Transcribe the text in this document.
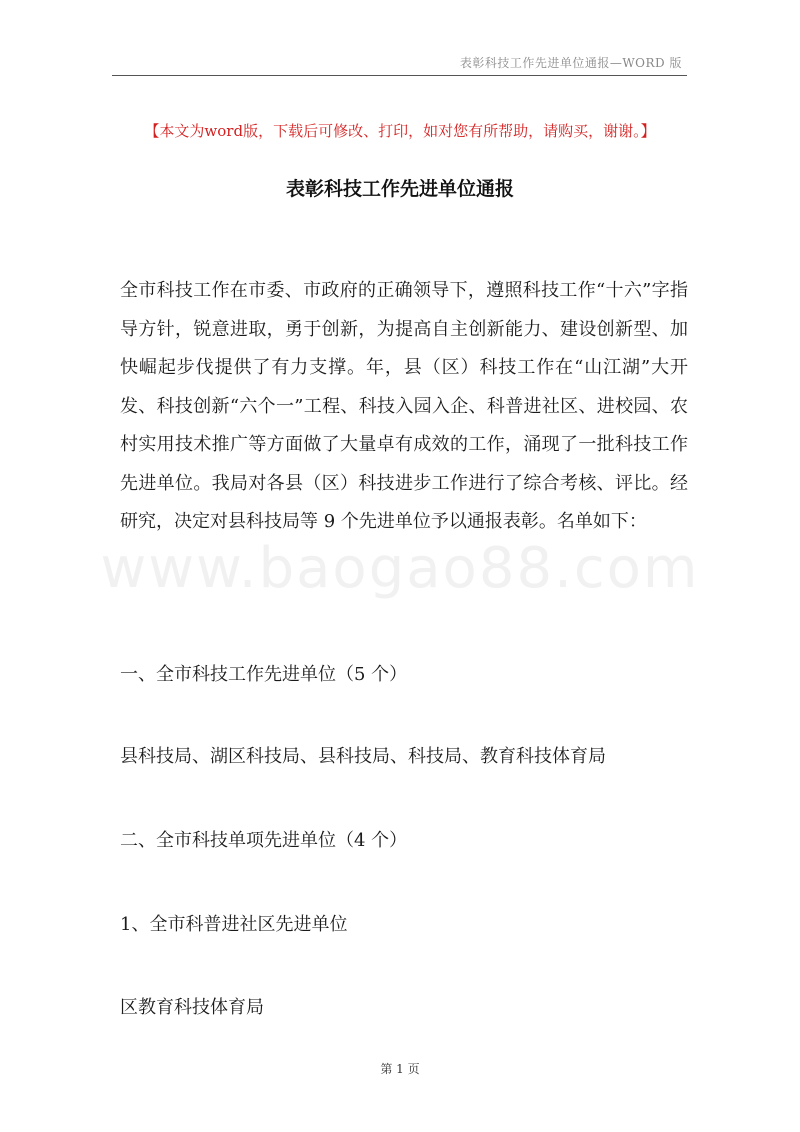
表彰科技工作先进单位通报—WORD 版
【本文为word版，下载后可修改、打印，如对您有所帮助，请购买，谢谢。】
表彰科技工作先进单位通报
www.baogao88.com

全市科技工作在市委、市政府的正确领导下，遵照科技工作“十六”字指导方针，锐意进取，勇于创新，为提高自主创新能力、建设创新型、加快崛起步伐提供了有力支撑。年，县（区）科技工作在“山江湖”大开发、科技创新“六个一”工程、科技入园入企、科普进社区、进校园、农村实用技术推广等方面做了大量卓有成效的工作，涌现了一批科技工作先进单位。我局对各县（区）科技进步工作进行了综合考核、评比。经研究，决定对县科技局等 9 个先进单位予以通报表彰。名单如下：

一、全市科技工作先进单位（5 个）

县科技局、湖区科技局、县科技局、科技局、教育科技体育局

二、全市科技单项先进单位（4 个）

1、全市科普进社区先进单位

区教育科技体育局

第 1 页
